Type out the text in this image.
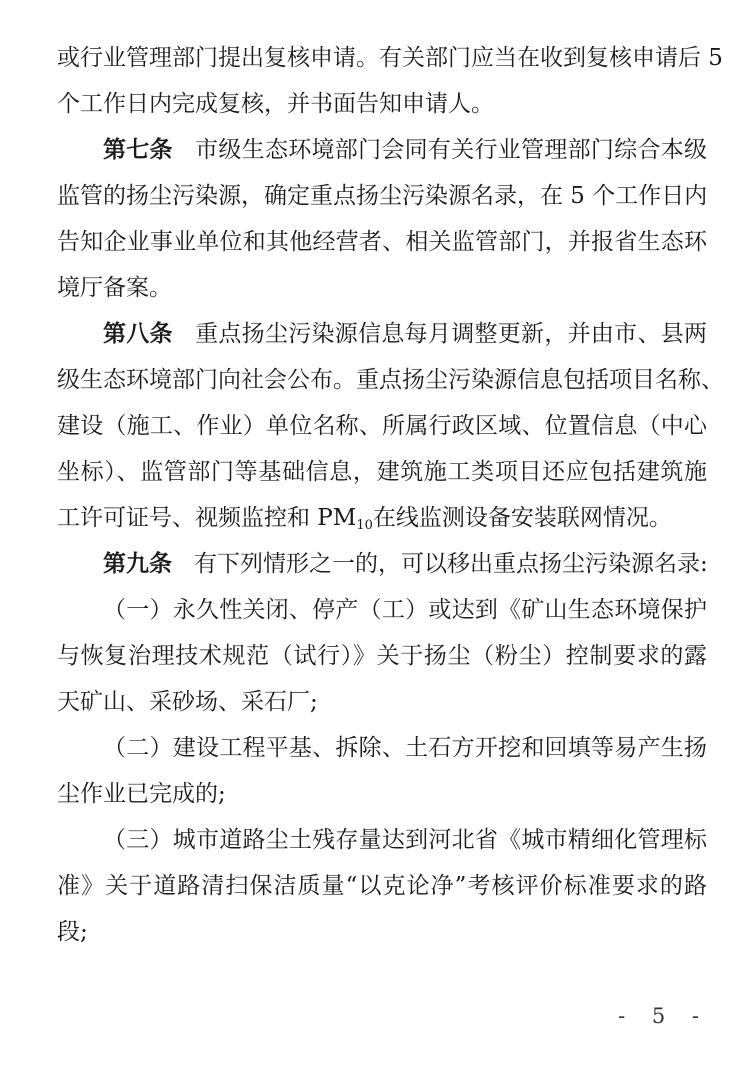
或行业管理部门提出复核申请。有关部门应当在收到复核申请后 5
个工作日内完成复核，并书面告知申请人。
第七条 市级生态环境部门会同有关行业管理部门综合本级
监管的扬尘污染源，确定重点扬尘污染源名录，在 5 个工作日内
告知企业事业单位和其他经营者、相关监管部门，并报省生态环
境厅备案。
第八条 重点扬尘污染源信息每月调整更新，并由市、县两
级生态环境部门向社会公布。重点扬尘污染源信息包括项目名称、
建设（施工、作业）单位名称、所属行政区域、位置信息（中心
坐标）、监管部门等基础信息，建筑施工类项目还应包括建筑施
工许可证号、视频监控和 $PM_{10}$在线监测设备安装联网情况。
第九条 有下列情形之一的，可以移出重点扬尘污染源名录:
（一）永久性关闭、停产（工）或达到《矿山生态环境保护
与恢复治理技术规范（试行）》关于扬尘（粉尘）控制要求的露
天矿山、采砂场、采石厂;
（二）建设工程平基、拆除、土石方开挖和回填等易产生扬
尘作业已完成的;
（三）城市道路尘土残存量达到河北省《城市精细化管理标
准》关于道路清扫保洁质量“以克论净”考核评价标准要求的路
段;
- 5 -
